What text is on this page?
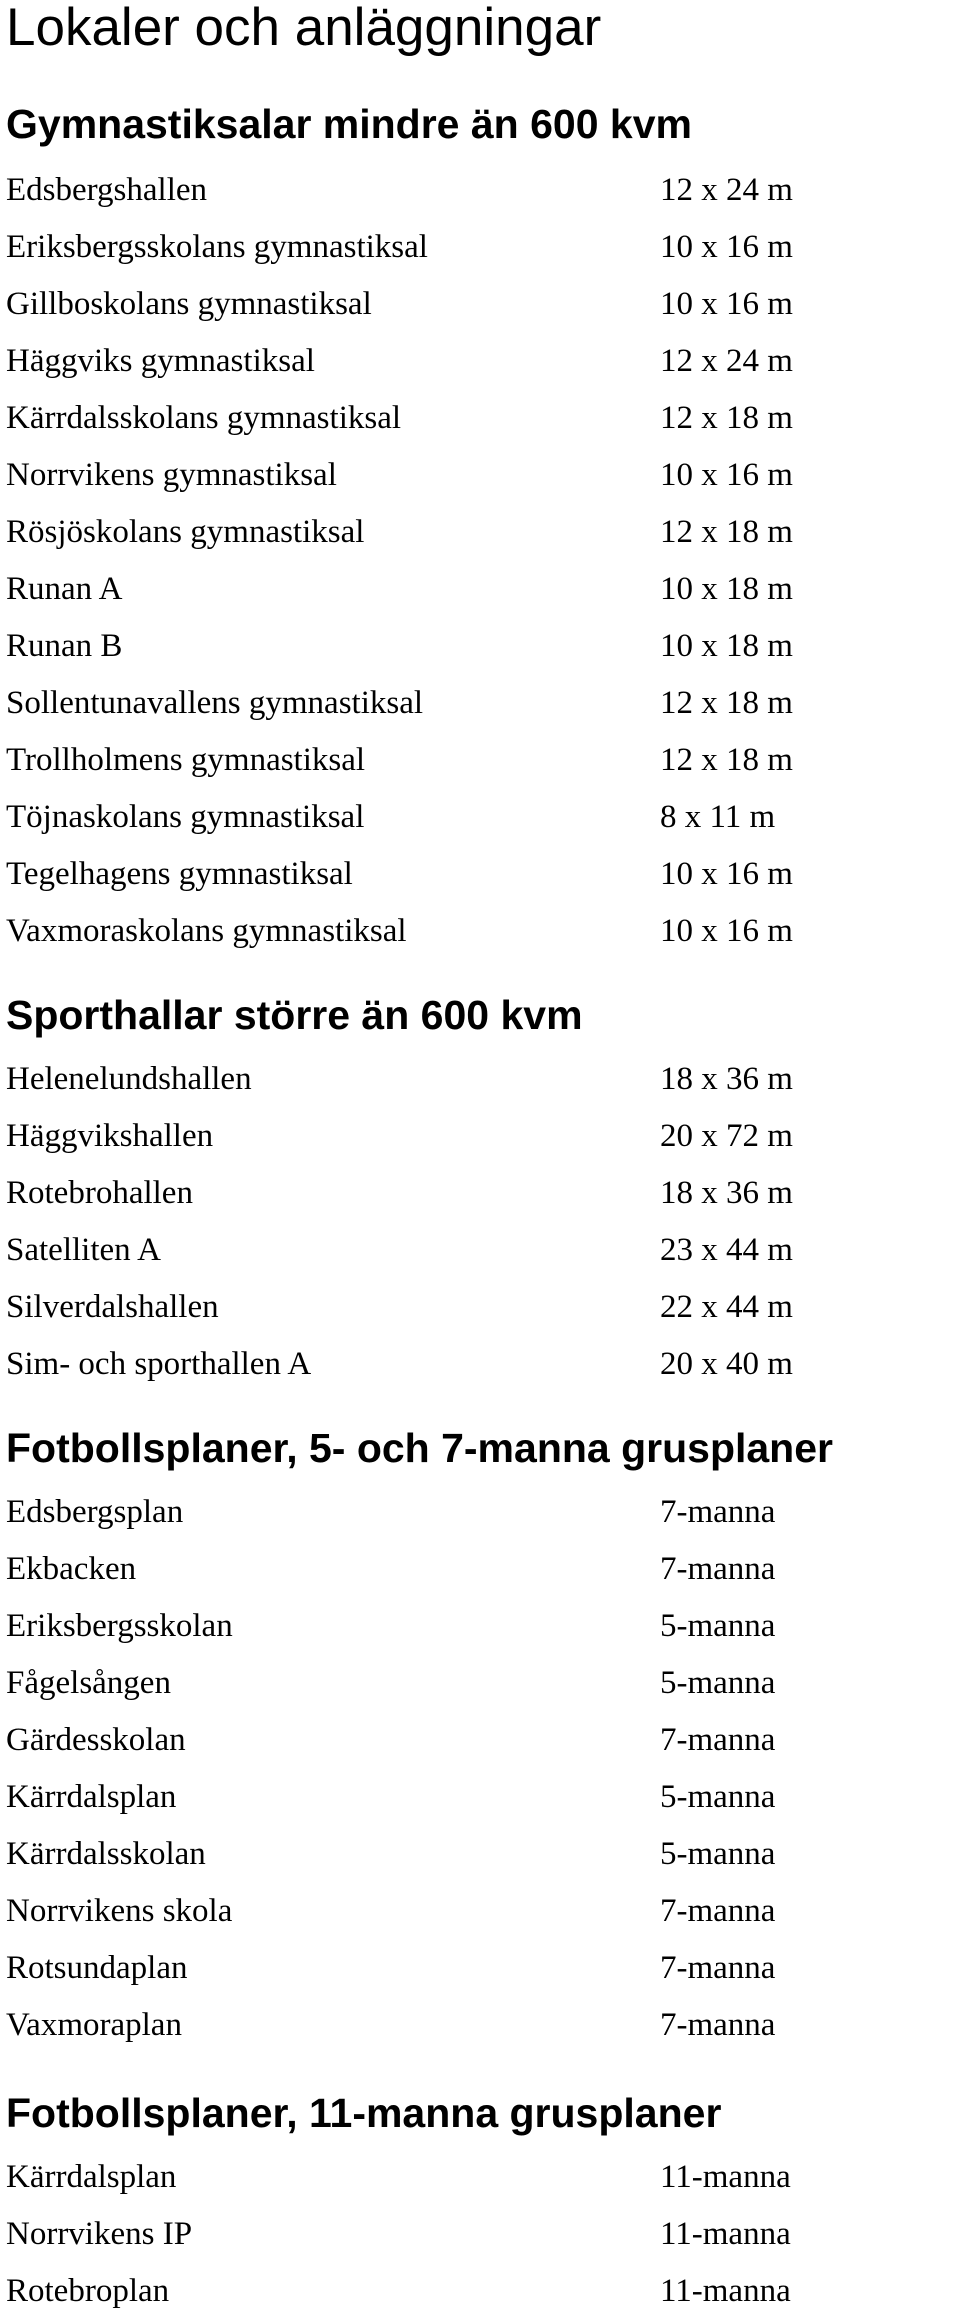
Lokaler och anläggningar
Gymnastiksalar mindre än 600 kvm
Edsbergshallen	12 x 24 m
Eriksbergsskolans gymnastiksal	10 x 16 m
Gillboskolans gymnastiksal	10 x 16 m
Häggviks gymnastiksal	12 x 24 m
Kärrdalsskolans gymnastiksal	12 x 18 m
Norrvikens gymnastiksal	10 x 16 m
Rösjöskolans gymnastiksal	12 x 18 m
Runan A	10 x 18 m
Runan B	10 x 18 m
Sollentunavallens gymnastiksal	12 x 18 m
Trollholmens gymnastiksal	12 x 18 m
Töjnaskolans gymnastiksal	8 x 11 m
Tegelhagens gymnastiksal	10 x 16 m
Vaxmoraskolans gymnastiksal	10 x 16 m
Sporthallar större än 600 kvm
Helenelundshallen	18 x 36 m
Häggvikshallen	20 x 72 m
Rotebrohallen	18 x 36 m
Satelliten A	23 x 44 m
Silverdalshallen	22 x 44 m
Sim- och sporthallen A	20 x 40 m
Fotbollsplaner, 5- och 7-manna grusplaner
Edsbergsplan	7-manna
Ekbacken	7-manna
Eriksbergsskolan	5-manna
Fågelsången	5-manna
Gärdesskolan	7-manna
Kärrdalsplan	5-manna
Kärrdalsskolan	5-manna
Norrvikens skola	7-manna
Rotsundaplan	7-manna
Vaxmoraplan	7-manna
Fotbollsplaner, 11-manna grusplaner
Kärrdalsplan	11-manna
Norrvikens IP	11-manna
Rotebroplan	11-manna
